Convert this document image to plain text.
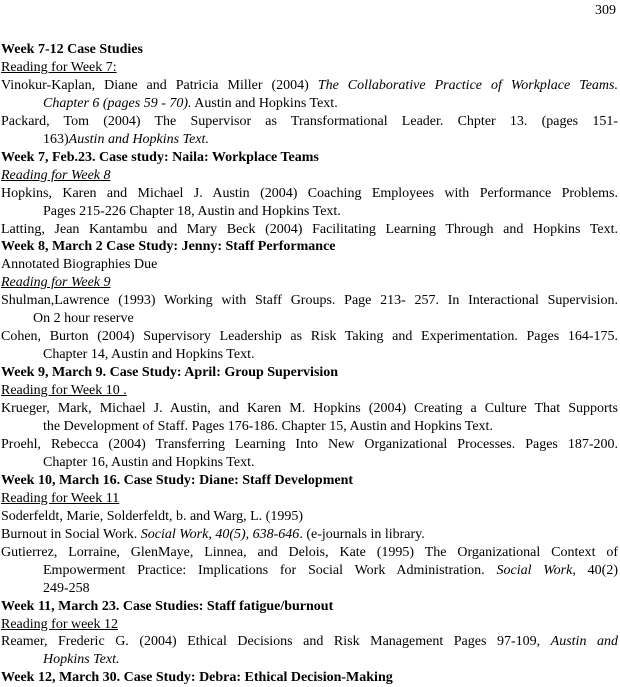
309
Week 7-12 Case Studies
Reading for Week 7:
Vinokur-Kaplan, Diane and Patricia Miller (2004) The Collaborative Practice of Workplace Teams.
Chapter 6 (pages 59 - 70). Austin and Hopkins Text.
Packard, Tom (2004) The Supervisor as Transformational Leader. Chpter 13. (pages 151-
163)Austin and Hopkins Text.
Week 7, Feb.23. Case study: Naila: Workplace Teams
Reading for Week 8
Hopkins, Karen and Michael J. Austin (2004) Coaching Employees with Performance Problems.
Pages 215-226 Chapter 18, Austin and Hopkins Text.
Latting, Jean Kantambu and Mary Beck (2004) Facilitating Learning Through and Hopkins Text.
Week 8, March 2 Case Study: Jenny: Staff Performance
Annotated Biographies Due
Reading for Week 9
Shulman,Lawrence (1993) Working with Staff Groups. Page 213- 257. In Interactional Supervision.
On 2 hour reserve
Cohen, Burton (2004) Supervisory Leadership as Risk Taking and Experimentation. Pages 164-175.
Chapter 14, Austin and Hopkins Text.
Week 9, March 9. Case Study: April: Group Supervision
Reading for Week 10 .
Krueger, Mark, Michael J. Austin, and Karen M. Hopkins (2004) Creating a Culture That Supports
the Development of Staff. Pages 176-186. Chapter 15, Austin and Hopkins Text.
Proehl, Rebecca (2004) Transferring Learning Into New Organizational Processes. Pages 187-200.
Chapter 16, Austin and Hopkins Text.
Week 10, March 16. Case Study: Diane: Staff Development
Reading for Week 11
Soderfeldt, Marie, Solderfeldt, b. and Warg, L. (1995)
Burnout in Social Work. Social Work, 40(5), 638-646. (e-journals in library.
Gutierrez, Lorraine, GlenMaye, Linnea, and Delois, Kate (1995) The Organizational Context of
Empowerment Practice: Implications for Social Work Administration. Social Work, 40(2)
249-258
Week 11, March 23. Case Studies: Staff fatigue/burnout
Reading for week 12
Reamer, Frederic G. (2004) Ethical Decisions and Risk Management Pages 97-109, Austin and
Hopkins Text.
Week 12, March 30. Case Study: Debra: Ethical Decision-Making
